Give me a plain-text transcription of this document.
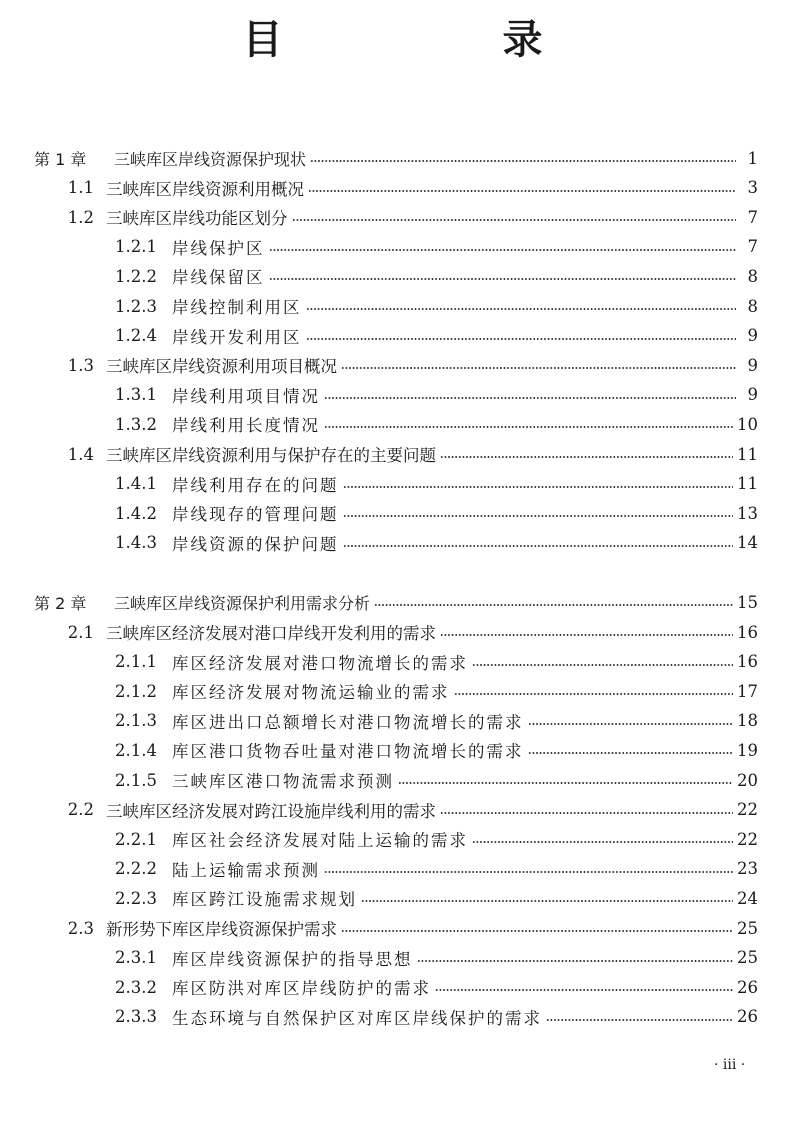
目　录
第 1 章	三峡库区岸线资源保护现状	1
1.1 三峡库区岸线资源利用概况	3
1.2 三峡库区岸线功能区划分	7
1.2.1 岸线保护区	7
1.2.2 岸线保留区	8
1.2.3 岸线控制利用区	8
1.2.4 岸线开发利用区	9
1.3 三峡库区岸线资源利用项目概况	9
1.3.1 岸线利用项目情况	9
1.3.2 岸线利用长度情况	10
1.4 三峡库区岸线资源利用与保护存在的主要问题	11
1.4.1 岸线利用存在的问题	11
1.4.2 岸线现存的管理问题	13
1.4.3 岸线资源的保护问题	14
第 2 章	三峡库区岸线资源保护利用需求分析	15
2.1 三峡库区经济发展对港口岸线开发利用的需求	16
2.1.1 库区经济发展对港口物流增长的需求	16
2.1.2 库区经济发展对物流运输业的需求	17
2.1.3 库区进出口总额增长对港口物流增长的需求	18
2.1.4 库区港口货物吞吐量对港口物流增长的需求	19
2.1.5 三峡库区港口物流需求预测	20
2.2 三峡库区经济发展对跨江设施岸线利用的需求	22
2.2.1 库区社会经济发展对陆上运输的需求	22
2.2.2 陆上运输需求预测	23
2.2.3 库区跨江设施需求规划	24
2.3 新形势下库区岸线资源保护需求	25
2.3.1 库区岸线资源保护的指导思想	25
2.3.2 库区防洪对库区岸线防护的需求	26
2.3.3 生态环境与自然保护区对库区岸线保护的需求	26
· iii ·
